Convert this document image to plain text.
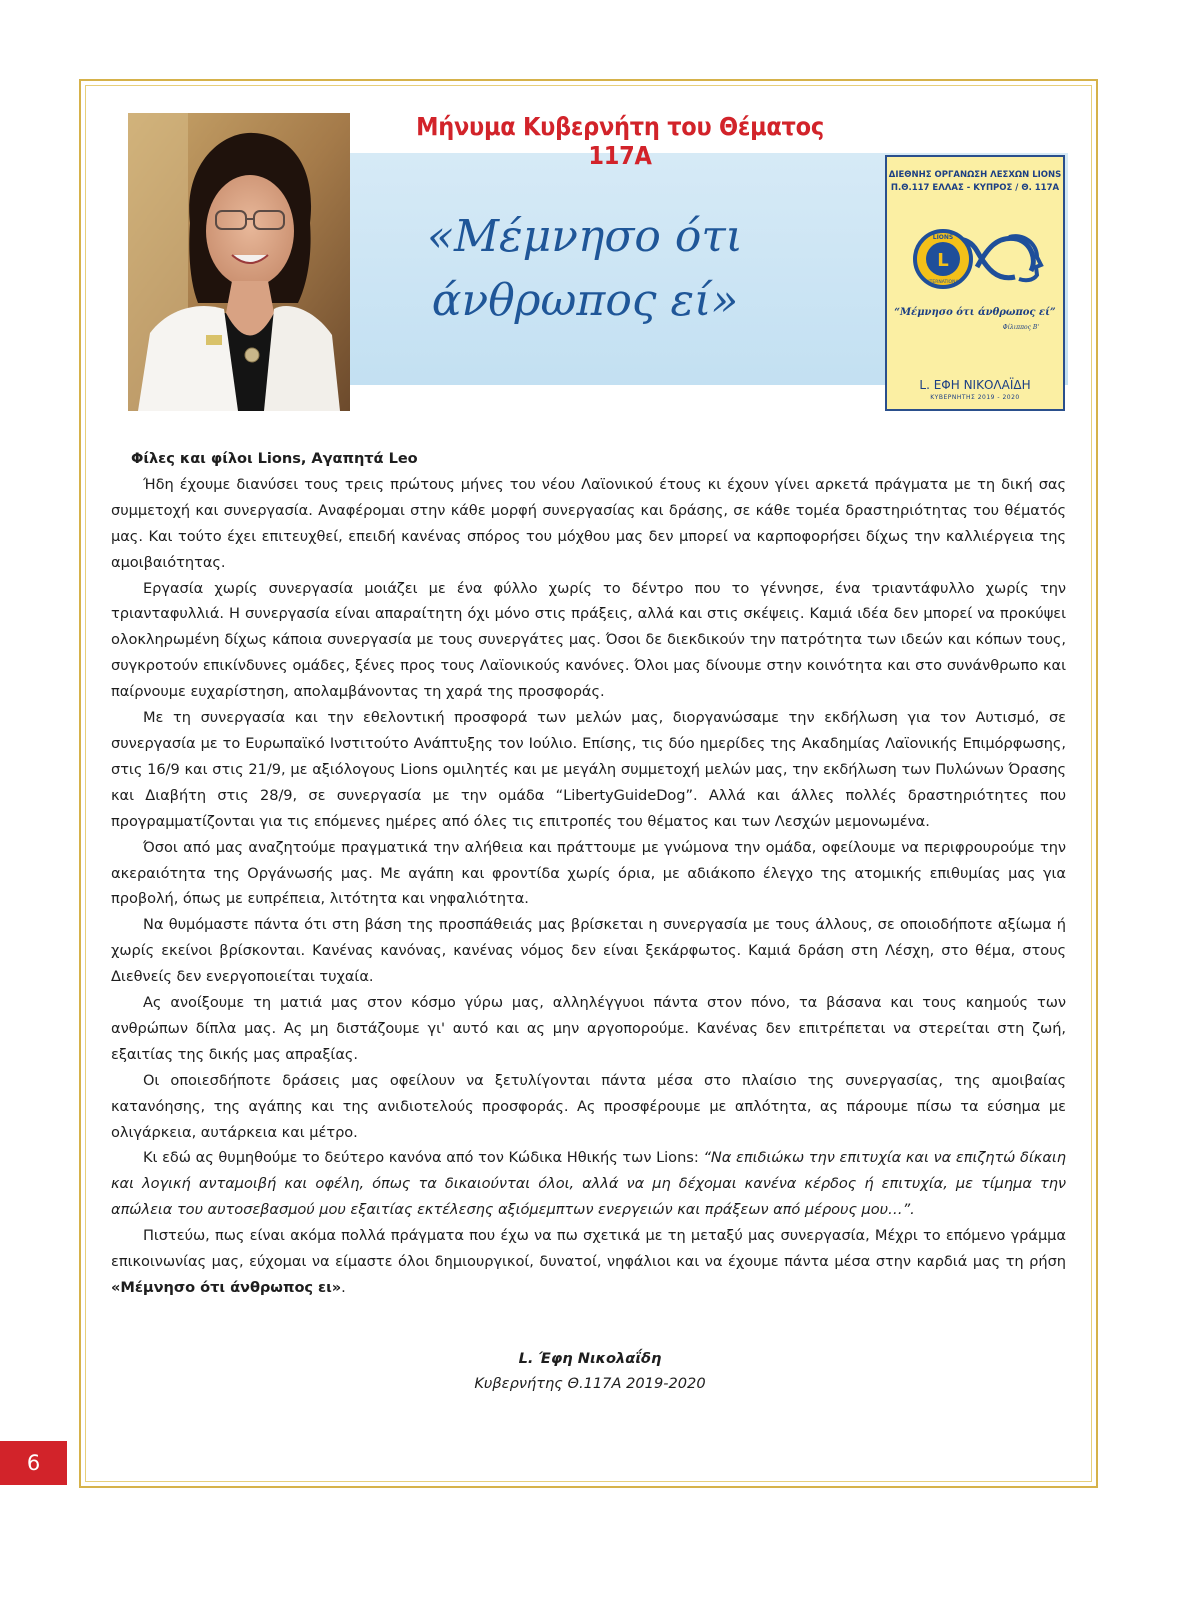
Μήνυμα Κυβερνήτη του Θέματος 117Α
«Μέμνησο ότι
άνθρωπος εί»
ΔΙΕΘΝΗΣ ΟΡΓΑΝΩΣΗ ΛΕΣΧΩΝ LIONS
Π.Θ.117 ΕΛΛΑΣ - ΚΥΠΡΟΣ / Θ. 117Α
L
LIONS
INTERNATIONAL
“Μέμνησο ότι άνθρωπος εί”
Φίλιππος Β'
L. ΕΦΗ ΝΙΚΟΛΑΪΔΗ
ΚΥΒΕΡΝΗΤΗΣ 2019 - 2020

Φίλες και φίλοι Lions, Αγαπητά Leo

Ήδη έχουμε διανύσει τους τρεις πρώτους μήνες του νέου Λαϊονικού έτους κι έχουν γίνει αρκετά πράγματα με τη δική σας συμμετοχή και συνεργασία. Αναφέρομαι στην κάθε μορφή συνεργασίας και δράσης, σε κάθε τομέα δραστηριότητας του θέματός μας. Και τούτο έχει επιτευχθεί, επειδή κανένας σπόρος του μόχθου μας δεν μπορεί να καρποφορήσει δίχως την καλλιέργεια της αμοιβαιότητας.

Εργασία χωρίς συνεργασία μοιάζει με ένα φύλλο χωρίς το δέντρο που το γέννησε, ένα τριαντάφυλλο χωρίς την τριανταφυλλιά. Η συνεργασία είναι απαραίτητη όχι μόνο στις πράξεις, αλλά και στις σκέψεις. Καμιά ιδέα δεν μπορεί να προκύψει ολοκληρωμένη δίχως κάποια συνεργασία με τους συνεργάτες μας. Όσοι δε διεκδικούν την πατρότητα των ιδεών και κόπων τους, συγκροτούν επικίνδυνες ομάδες, ξένες προς τους Λαϊονικούς κανόνες. Όλοι μας δίνουμε στην κοινότητα και στο συνάνθρωπο και παίρνουμε ευχαρίστηση, απολαμβάνοντας τη χαρά της προσφοράς.

Με τη συνεργασία και την εθελοντική προσφορά των μελών μας, διοργανώσαμε την εκδήλωση για τον Αυτισμό, σε συνεργασία με το Ευρωπαϊκό Ινστιτούτο Ανάπτυξης τον Ιούλιο. Επίσης, τις δύο ημερίδες της Ακαδημίας Λαϊονικής Επιμόρφωσης, στις 16/9 και στις 21/9, με αξιόλογους Lions ομιλητές και με μεγάλη συμμετοχή μελών μας, την εκδήλωση των Πυλώνων Όρασης και Διαβήτη στις 28/9, σε συνεργασία με την ομάδα “LibertyGuideDog”. Αλλά και άλλες πολλές δραστηριότητες που προγραμματίζονται για τις επόμενες ημέρες από όλες τις επιτροπές του θέματος και των Λεσχών μεμονωμένα.

Όσοι από μας αναζητούμε πραγματικά την αλήθεια και πράττουμε με γνώμονα την ομάδα, οφείλουμε να περιφρουρούμε την ακεραιότητα της Οργάνωσής μας. Με αγάπη και φροντίδα χωρίς όρια, με αδιάκοπο έλεγχο της ατομικής επιθυμίας μας για προβολή, όπως με ευπρέπεια, λιτότητα και νηφαλιότητα.

Να θυμόμαστε πάντα ότι στη βάση της προσπάθειάς μας βρίσκεται η συνεργασία με τους άλλους, σε οποιοδήποτε αξίωμα ή χωρίς εκείνοι βρίσκονται. Κανένας κανόνας, κανένας νόμος δεν είναι ξεκάρφωτος. Καμιά δράση στη Λέσχη, στο θέμα, στους Διεθνείς δεν ενεργοποιείται τυχαία.

Ας ανοίξουμε τη ματιά μας στον κόσμο γύρω μας, αλληλέγγυοι πάντα στον πόνο, τα βάσανα και τους καημούς των ανθρώπων δίπλα μας. Ας μη διστάζουμε γι' αυτό και ας μην αργοπορούμε. Κανένας δεν επιτρέπεται να στερείται στη ζωή, εξαιτίας της δικής μας απραξίας.

Οι οποιεσδήποτε δράσεις μας οφείλουν να ξετυλίγονται πάντα μέσα στο πλαίσιο της συνεργασίας, της αμοιβαίας κατανόησης, της αγάπης και της ανιδιοτελούς προσφοράς. Ας προσφέρουμε με απλότητα, ας πάρουμε πίσω τα εύσημα με ολιγάρκεια, αυτάρκεια και μέτρο.

Κι εδώ ας θυμηθούμε το δεύτερο κανόνα από τον Κώδικα Ηθικής των Lions: “Να επιδιώκω την επιτυχία και να επιζητώ δίκαιη και λογική ανταμοιβή και οφέλη, όπως τα δικαιούνται όλοι, αλλά να μη δέχομαι κανένα κέρδος ή επιτυχία, με τίμημα την απώλεια του αυτοσεβασμού μου εξαιτίας εκτέλεσης αξιόμεμπτων ενεργειών και πράξεων από μέρους μου…”.

Πιστεύω, πως είναι ακόμα πολλά πράγματα που έχω να πω σχετικά με τη μεταξύ μας συνεργασία, Μέχρι το επόμενο γράμμα επικοινωνίας μας, εύχομαι να είμαστε όλοι δημιουργικοί, δυνατοί, νηφάλιοι και να έχουμε πάντα μέσα στην καρδιά μας τη ρήση «Μέμνησο ότι άνθρωπος ει».

L. Έφη Νικολαΐδη
Κυβερνήτης Θ.117Α 2019-2020
6
